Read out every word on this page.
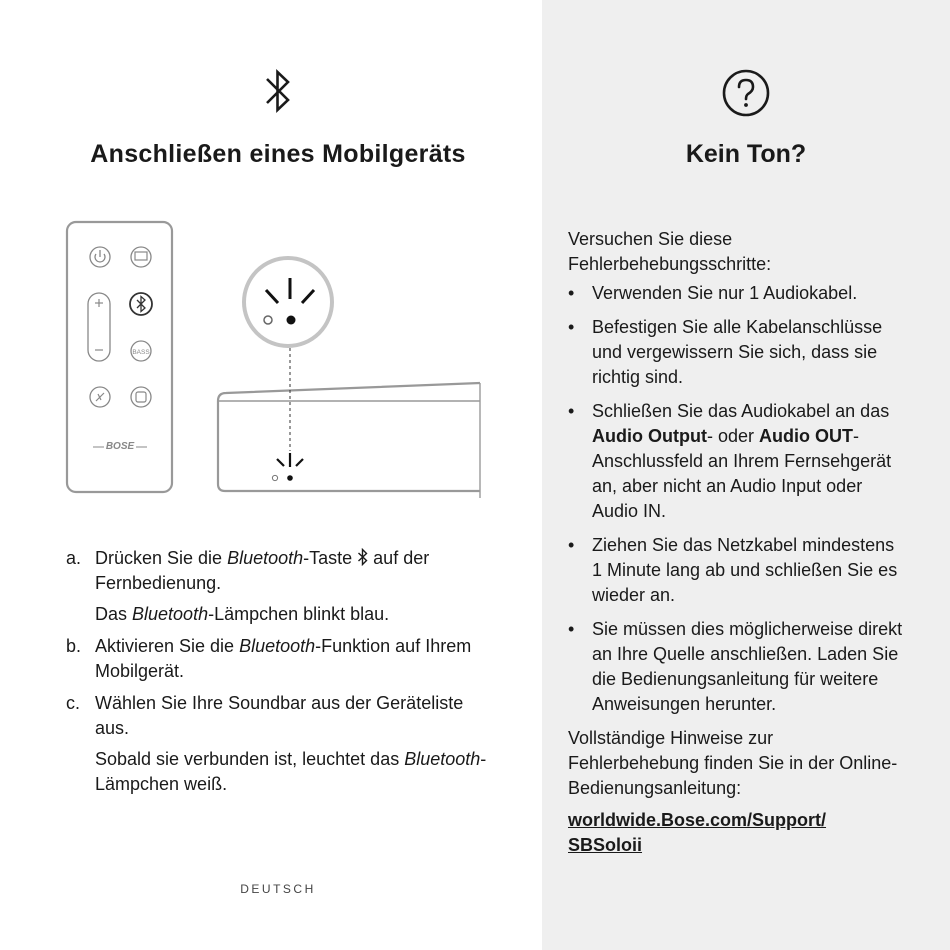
Anschließen eines Mobilgeräts
BASS
BOSE
a. Drücken Sie die Bluetooth-Taste  auf der Fernbedienung.
Das Bluetooth-Lämpchen blinkt blau.
b. Aktivieren Sie die Bluetooth-Funktion auf Ihrem Mobilgerät.
c. Wählen Sie Ihre Soundbar aus der Geräteliste aus.
Sobald sie verbunden ist, leuchtet das Bluetooth-Lämpchen weiß.
DEUTSCH
Kein Ton?

Versuchen Sie diese Fehlerbehebungsschritte:

• Verwenden Sie nur 1 Audiokabel.
• Befestigen Sie alle Kabelanschlüsse und vergewissern Sie sich, dass sie richtig sind.
• Schließen Sie das Audiokabel an das Audio Output- oder Audio OUT-Anschlussfeld an Ihrem Fernsehgerät an, aber nicht an Audio Input oder Audio IN.
• Ziehen Sie das Netzkabel mindestens 1 Minute lang ab und schließen Sie es wieder an.
• Sie müssen dies möglicherweise direkt an Ihre Quelle anschließen. Laden Sie die Bedienungsanleitung für weitere Anweisungen herunter.

Vollständige Hinweise zur Fehlerbehebung finden Sie in der Online-Bedienungsanleitung:

worldwide.Bose.com/Support/
SBSoloii
